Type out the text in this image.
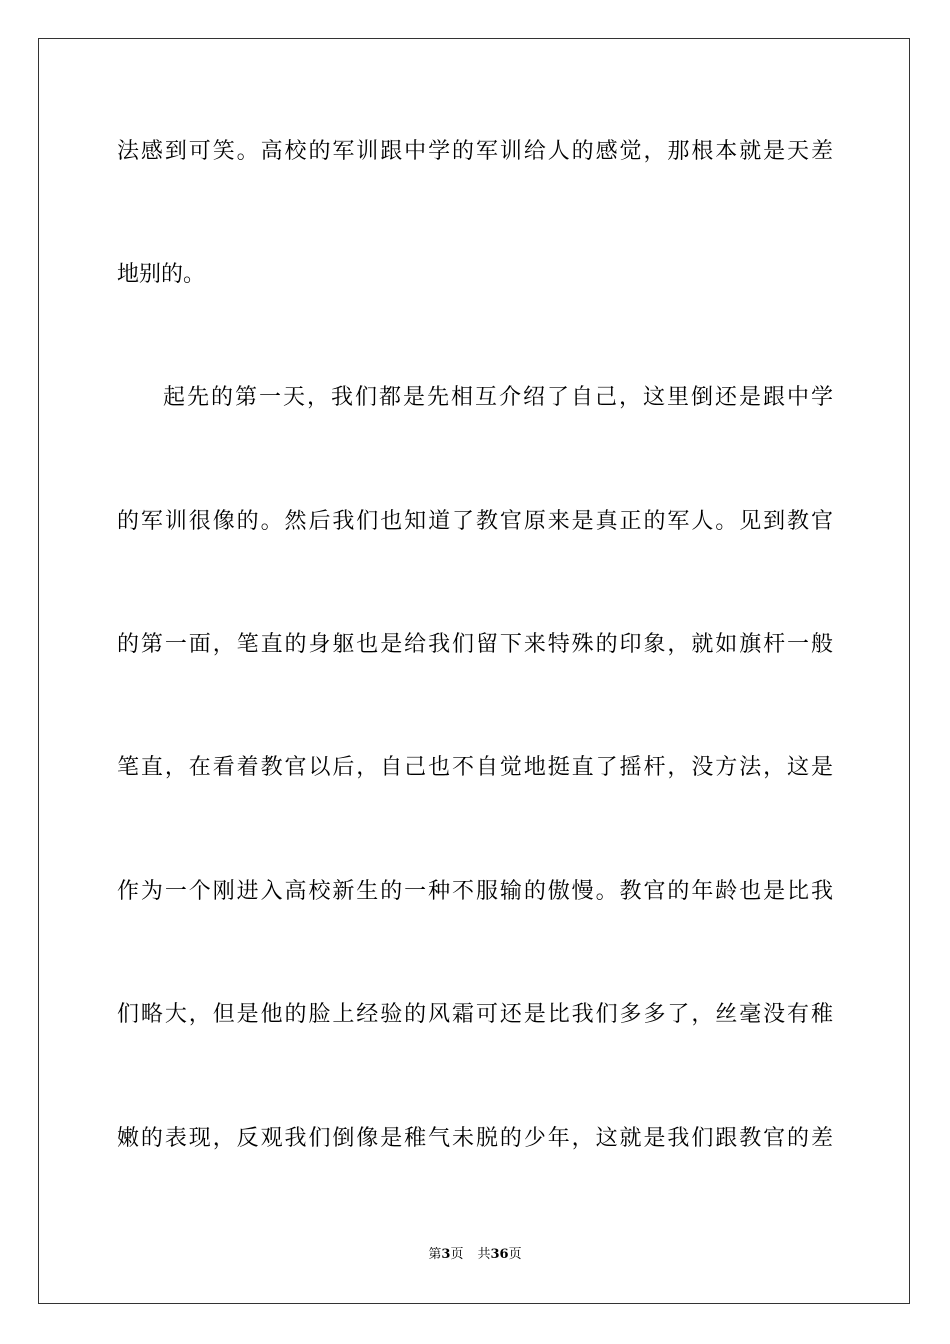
法感到可笑。高校的军训跟中学的军训给人的感觉，那根本就是天差
地别的。
起先的第一天，我们都是先相互介绍了自己，这里倒还是跟中学
的军训很像的。然后我们也知道了教官原来是真正的军人。见到教官
的第一面，笔直的身躯也是给我们留下来特殊的印象，就如旗杆一般
笔直，在看着教官以后，自己也不自觉地挺直了摇杆，没方法，这是
作为一个刚进入高校新生的一种不服输的傲慢。教官的年龄也是比我
们略大，但是他的脸上经验的风霜可还是比我们多多了，丝毫没有稚
嫩的表现，反观我们倒像是稚气未脱的少年，这就是我们跟教官的差
第3页 共36页
